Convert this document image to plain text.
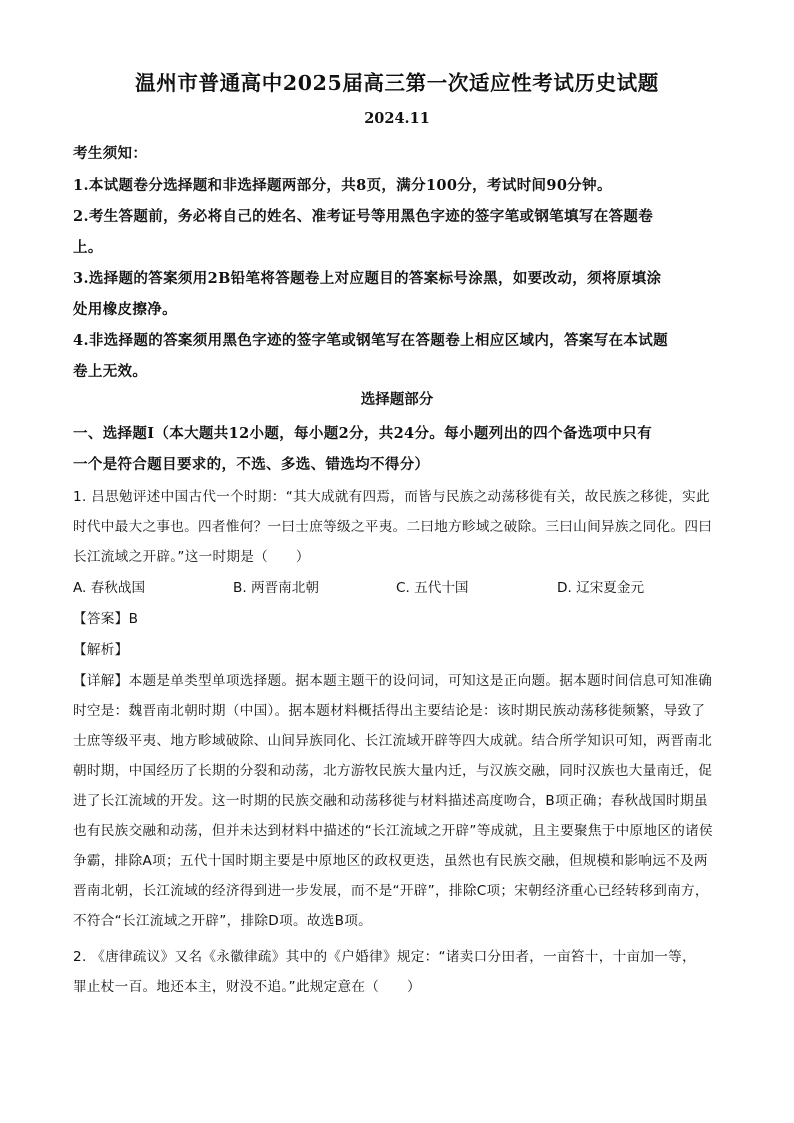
温州市普通高中2025届高三第一次适应性考试历史试题
2024.11
考生须知：
1.本试题卷分选择题和非选择题两部分，共8页，满分100分，考试时间90分钟。
2.考生答题前，务必将自己的姓名、准考证号等用黑色字迹的签字笔或钢笔填写在答题卷
上。
3.选择题的答案须用2B铅笔将答题卷上对应题目的答案标号涂黑，如要改动，须将原填涂
处用橡皮擦净。
4.非选择题的答案须用黑色字迹的签字笔或钢笔写在答题卷上相应区域内，答案写在本试题
卷上无效。
选择题部分
一、选择题Ⅰ（本大题共12小题，每小题2分，共24分。每小题列出的四个备选项中只有
一个是符合题目要求的，不选、多选、错选均不得分）
1. 吕思勉评述中国古代一个时期：“其大成就有四焉，而皆与民族之动荡移徙有关，故民族之移徙，实此
时代中最大之事也。四者惟何？一曰士庶等级之平夷。二曰地方畛域之破除。三曰山间异族之同化。四曰
长江流域之开辟。”这一时期是（　　）
A. 春秋战国	B. 两晋南北朝	C. 五代十国	D. 辽宋夏金元
【答案】B
【解析】
【详解】本题是单类型单项选择题。据本题主题干的设问词，可知这是正向题。据本题时间信息可知准确
时空是：魏晋南北朝时期（中国）。据本题材料概括得出主要结论是：该时期民族动荡移徙频繁，导致了
士庶等级平夷、地方畛域破除、山间异族同化、长江流域开辟等四大成就。结合所学知识可知，两晋南北
朝时期，中国经历了长期的分裂和动荡，北方游牧民族大量内迁，与汉族交融，同时汉族也大量南迁，促
进了长江流域的开发。这一时期的民族交融和动荡移徙与材料描述高度吻合，B项正确；春秋战国时期虽
也有民族交融和动荡，但并未达到材料中描述的“长江流域之开辟”等成就，且主要聚焦于中原地区的诸侯
争霸，排除A项；五代十国时期主要是中原地区的政权更迭，虽然也有民族交融，但规模和影响远不及两
晋南北朝，长江流域的经济得到进一步发展，而不是“开辟”，排除C项；宋朝经济重心已经转移到南方，
不符合“长江流域之开辟”，排除D项。故选B项。
2. 《唐律疏议》又名《永徽律疏》其中的《户婚律》规定：“诸卖口分田者，一亩笞十，十亩加一等，
罪止杖一百。地还本主，财没不追。”此规定意在（　　）
